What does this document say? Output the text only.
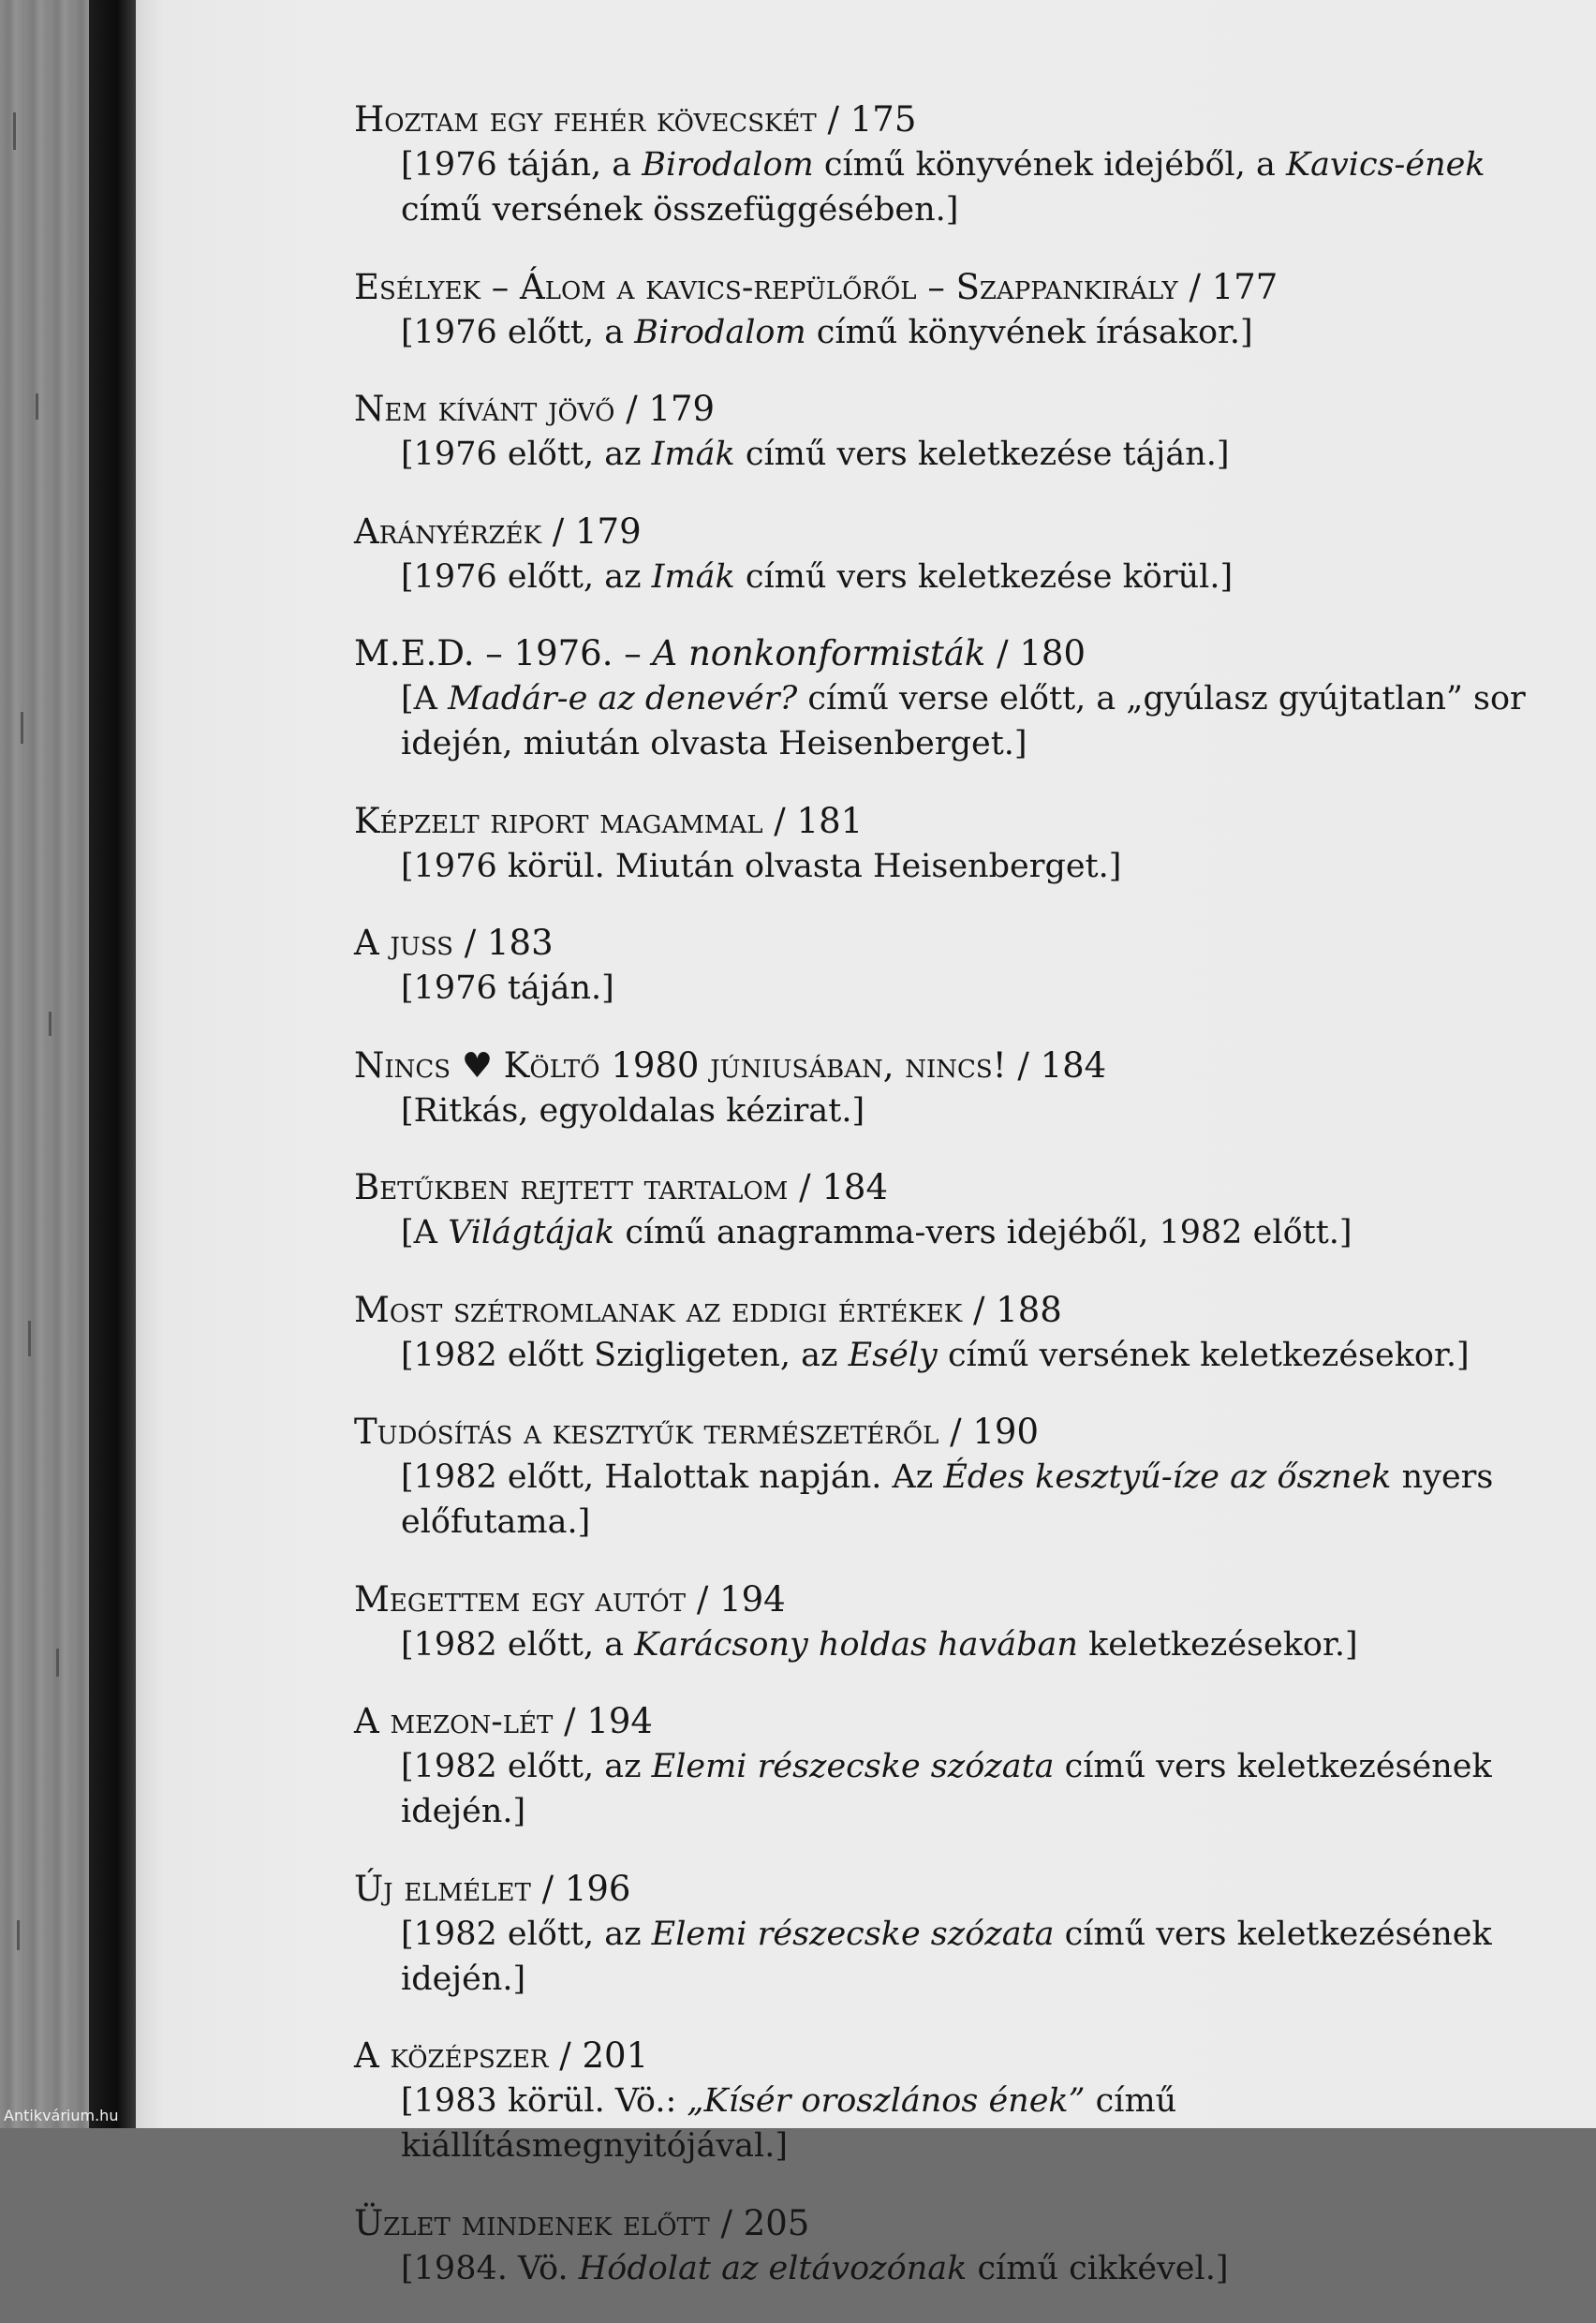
Hoztam egy fehér kövecskét / 175
[1976 táján, a Birodalom című könyvének idejéből, a Kavics-ének című versének összefüggésében.]
Esélyek – Álom a kavics-repülőről – Szappankirály / 177
[1976 előtt, a Birodalom című könyvének írásakor.]
Nem kívánt jövő / 179
[1976 előtt, az Imák című vers keletkezése táján.]
Arányérzék / 179
[1976 előtt, az Imák című vers keletkezése körül.]
M.E.D. – 1976. – A nonkonformisták / 180
[A Madár-e az denevér? című verse előtt, a „gyúlasz gyújtatlan” sor idején, miután olvasta Heisenberget.]
Képzelt riport magammal / 181
[1976 körül. Miután olvasta Heisenberget.]
A juss / 183
[1976 táján.]
Nincs ♥ Költő 1980 júniusában, nincs! / 184
[Ritkás, egyoldalas kézirat.]
Betűkben rejtett tartalom / 184
[A Világtájak című anagramma-vers idejéből, 1982 előtt.]
Most szétromlanak az eddigi értékek / 188
[1982 előtt Szigligeten, az Esély című versének keletkezésekor.]
Tudósítás a kesztyűk természetéről / 190
[1982 előtt, Halottak napján. Az Édes kesztyű-íze az ősznek nyers előfutama.]
Megettem egy autót / 194
[1982 előtt, a Karácsony holdas havában keletkezésekor.]
A mezon-lét / 194
[1982 előtt, az Elemi részecske szózata című vers keletkezésének idején.]
Új elmélet / 196
[1982 előtt, az Elemi részecske szózata című vers keletkezésének idején.]
A középszer / 201
[1983 körül. Vö.: „Kísér oroszlános ének” című kiállításmegnyitójával.]
Üzlet mindenek előtt / 205
[1984. Vö. Hódolat az eltávozónak című cikkével.]
Antikvárium.hu
